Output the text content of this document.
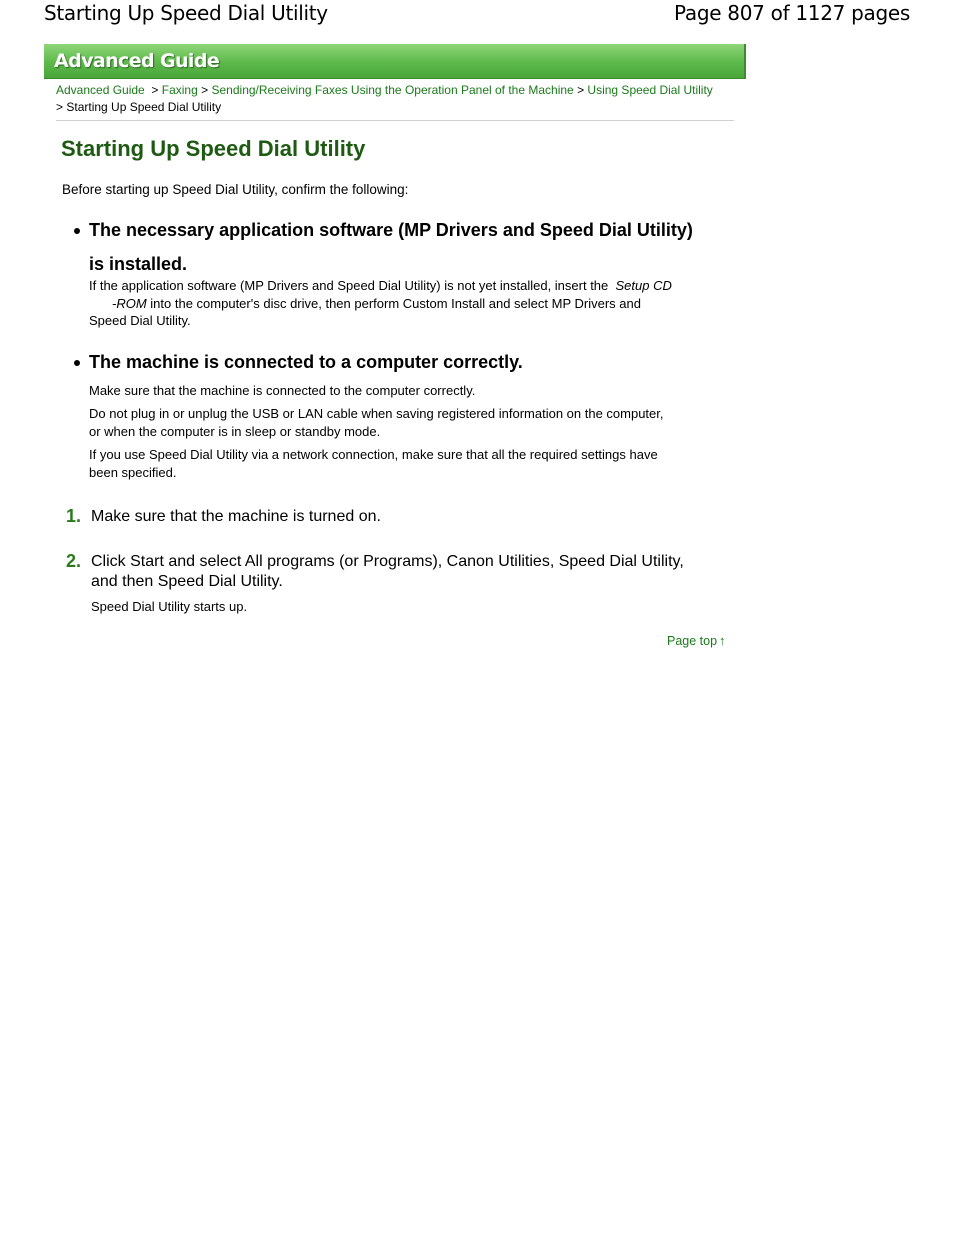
Starting Up Speed Dial Utility	Page 807 of 1127 pages
Advanced Guide
Advanced Guide > Faxing > Sending/Receiving Faxes Using the Operation Panel of the Machine > Using Speed Dial Utility > Starting Up Speed Dial Utility
Starting Up Speed Dial Utility
Before starting up Speed Dial Utility, confirm the following:
The necessary application software (MP Drivers and Speed Dial Utility)
is installed.
If the application software (MP Drivers and Speed Dial Utility) is not yet installed, insert the Setup CD
-ROM into the computer's disc drive, then perform Custom Install and select MP Drivers and
Speed Dial Utility.
The machine is connected to a computer correctly.
Make sure that the machine is connected to the computer correctly.
Do not plug in or unplug the USB or LAN cable when saving registered information on the computer,
or when the computer is in sleep or standby mode.
If you use Speed Dial Utility via a network connection, make sure that all the required settings have
been specified.
1. Make sure that the machine is turned on.
2. Click Start and select All programs (or Programs), Canon Utilities, Speed Dial Utility,
and then Speed Dial Utility.
Speed Dial Utility starts up.
Page top ↑
